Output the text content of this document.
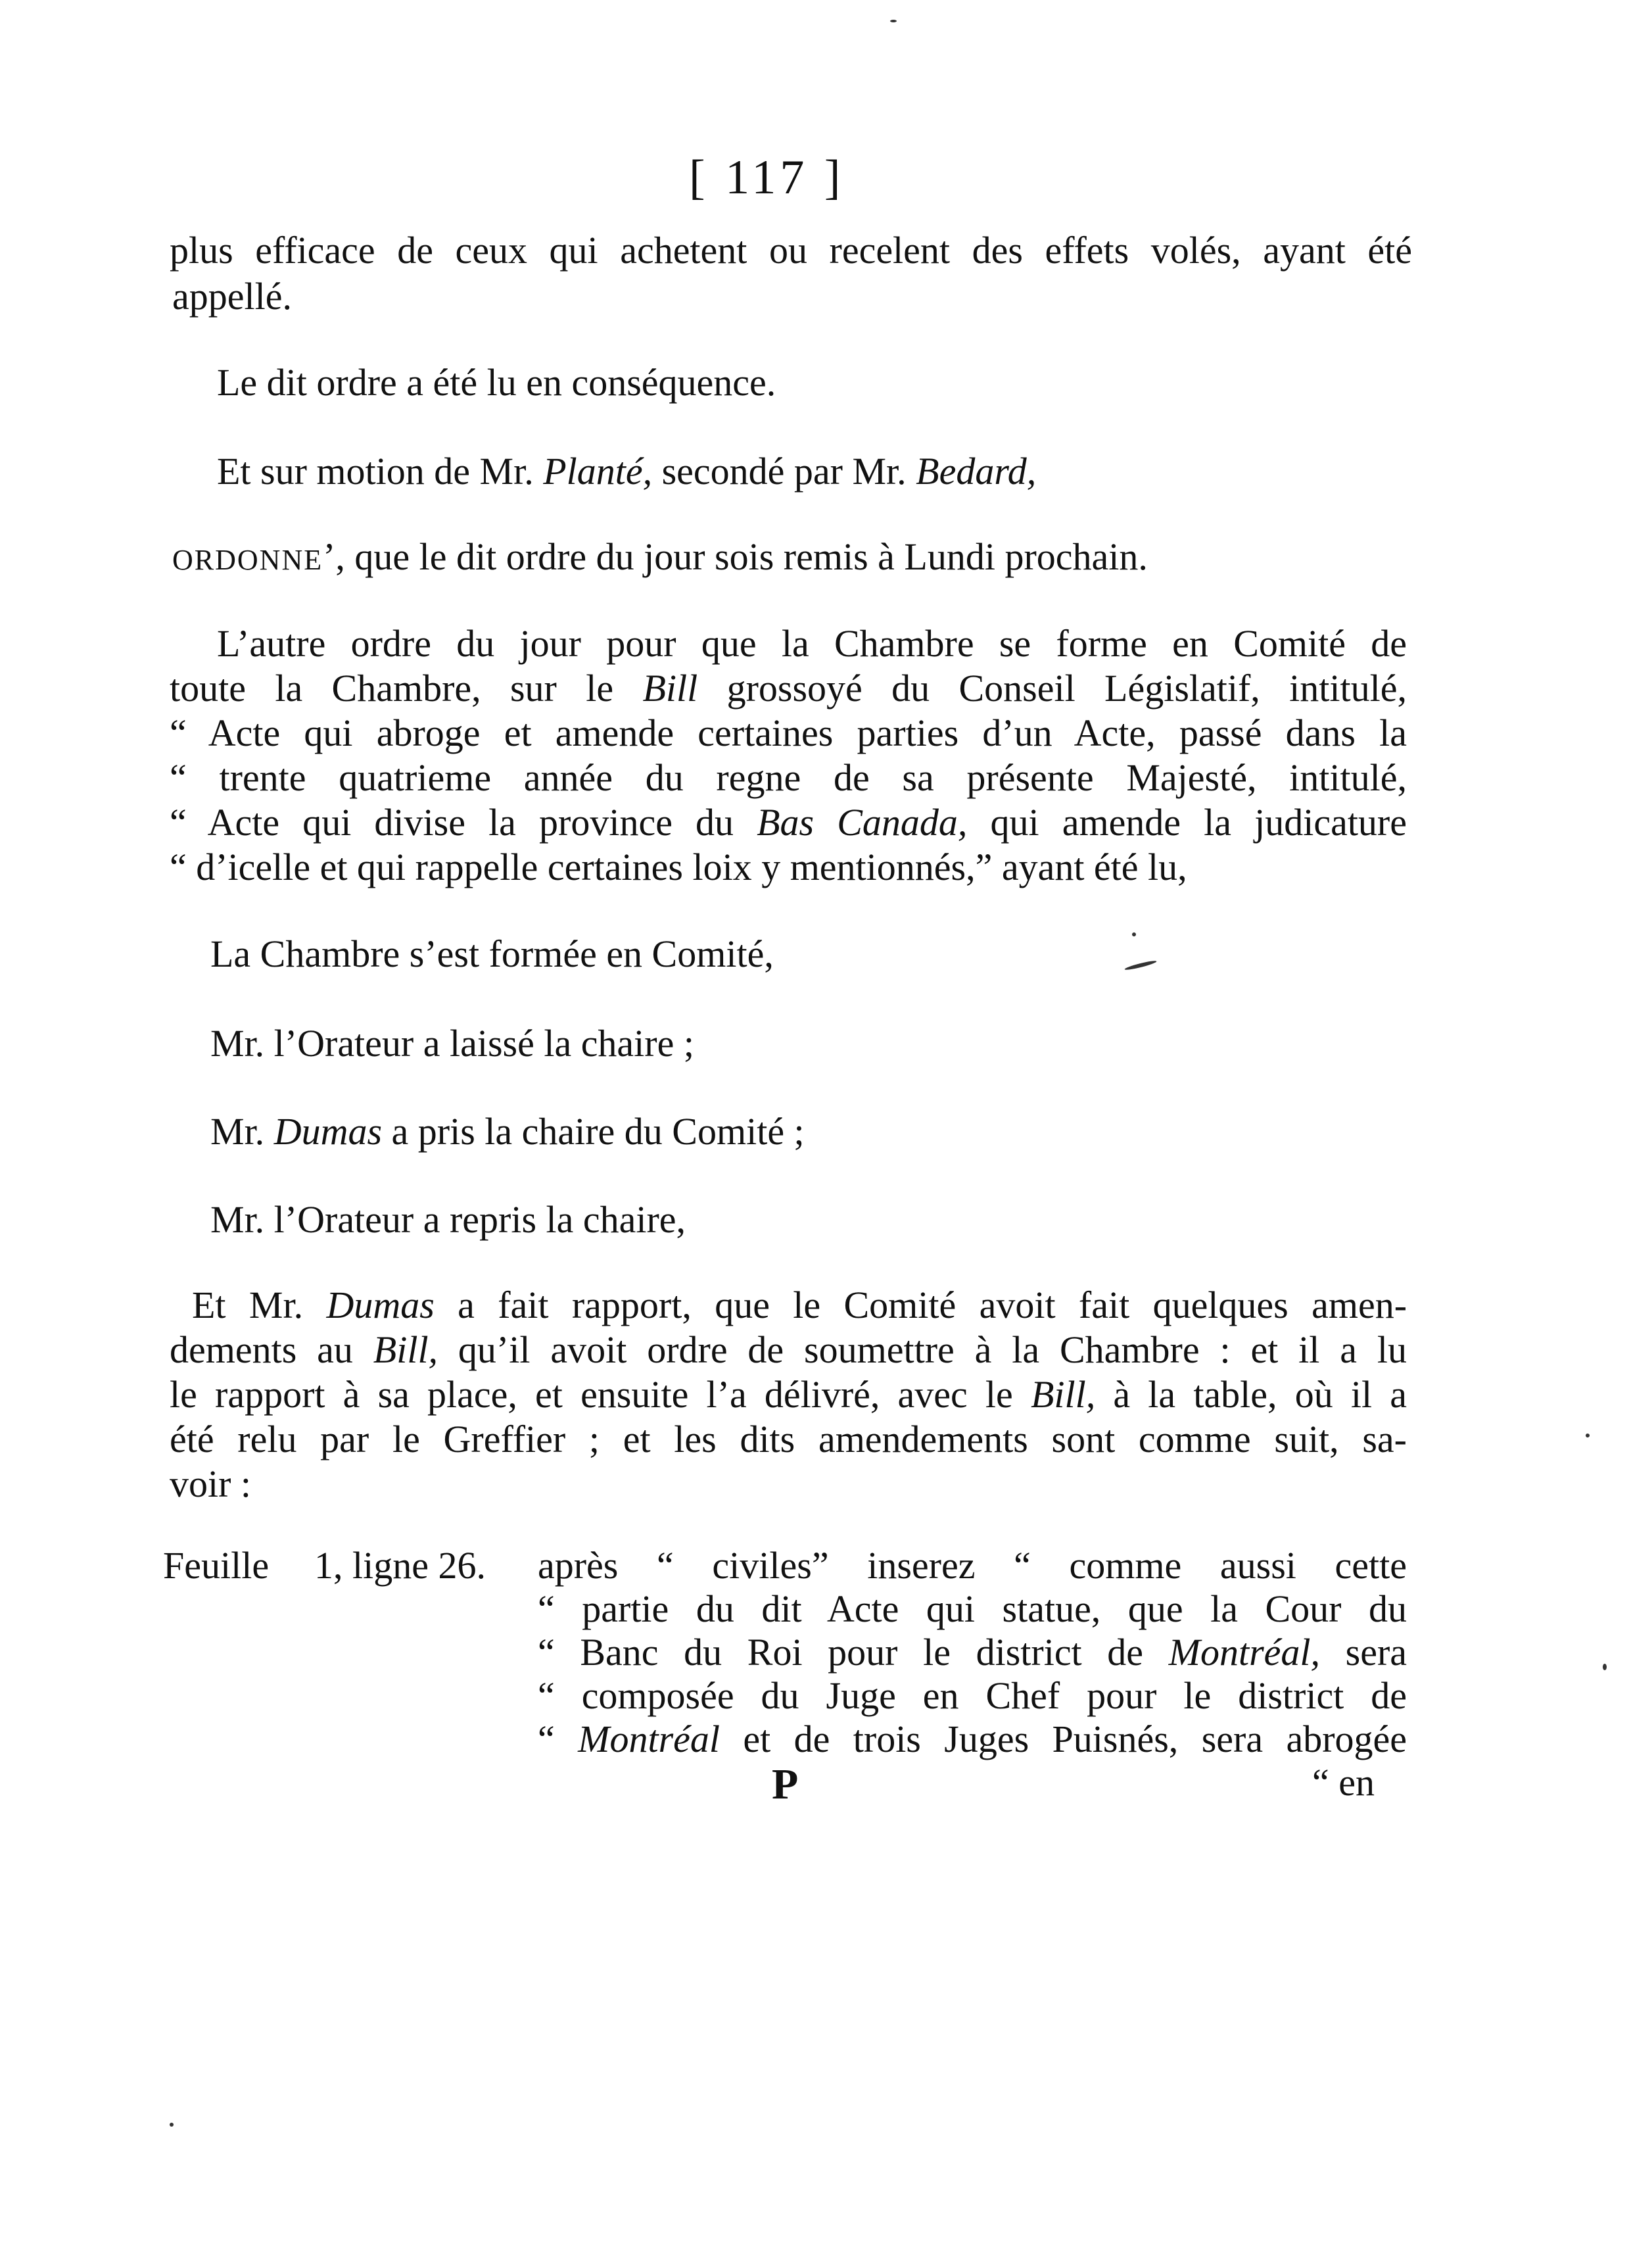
[ 117 ]
plus efficace de ceux qui achetent ou recelent des effets volés, ayant été
appellé.
Le dit ordre a été lu en conséquence.
Et sur motion de Mr. Planté, secondé par Mr. Bedard,
ORDONNE’, que le dit ordre du jour sois remis à Lundi prochain.
L’autre ordre du jour pour que la Chambre se forme en Comité de
toute la Chambre, sur le Bill grossoyé du Conseil Législatif, intitulé,
“ Acte qui abroge et amende certaines parties d’un Acte, passé dans la
“ trente quatrieme année du regne de sa présente Majesté, intitulé,
“ Acte qui divise la province du Bas Canada, qui amende la judicature
“ d’icelle et qui rappelle certaines loix y mentionnés,” ayant été lu,
La Chambre s’est formée en Comité,
Mr. l’Orateur a laissé la chaire ;
Mr. Dumas a pris la chaire du Comité ;
Mr. l’Orateur a repris la chaire,
Et Mr. Dumas a fait rapport, que le Comité avoit fait quelques amen-
dements au Bill, qu’il avoit ordre de soumettre à la Chambre : et il a lu
le rapport à sa place, et ensuite l’a délivré, avec le Bill, à la table, où il a
été relu par le Greffier ; et les dits amendements sont comme suit, sa-
voir :
Feuille 1, ligne 26. après “ civiles” inserez “ comme aussi cette
“ partie du dit Acte qui statue, que la Cour du
“ Banc du Roi pour le district de Montréal, sera
“ composée du Juge en Chef pour le district de
“ Montréal et de trois Juges Puisnés, sera abrogée
“ en
P
